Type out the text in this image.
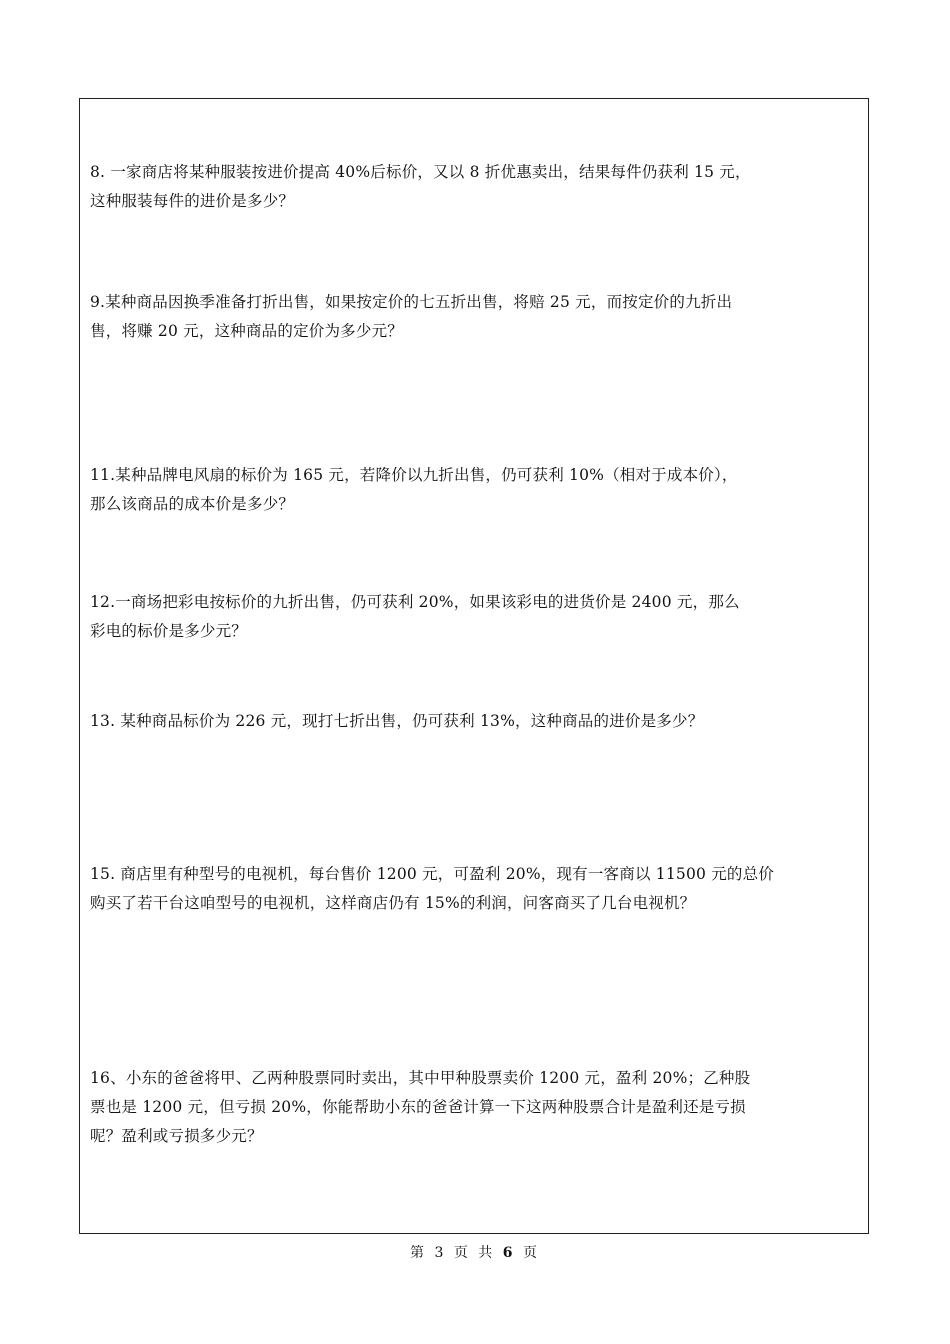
8. 一家商店将某种服装按进价提高 40%后标价，又以 8 折优惠卖出，结果每件仍获利 15 元，

这种服装每件的进价是多少？

9.某种商品因换季准备打折出售，如果按定价的七五折出售，将赔 25 元，而按定价的九折出

售，将赚 20 元，这种商品的定价为多少元？

11.某种品牌电风扇的标价为 165 元，若降价以九折出售，仍可获利 10%（相对于成本价），

那么该商品的成本价是多少？

12.一商场把彩电按标价的九折出售，仍可获利 20%，如果该彩电的进货价是 2400 元，那么

彩电的标价是多少元？

13. 某种商品标价为 226 元，现打七折出售，仍可获利 13%，这种商品的进价是多少？

15. 商店里有种型号的电视机，每台售价 1200 元，可盈利 20%，现有一客商以 11500 元的总价

购买了若干台这咱型号的电视机，这样商店仍有 15%的利润，问客商买了几台电视机？

16、小东的爸爸将甲、乙两种股票同时卖出，其中甲种股票卖价 1200 元，盈利 20%；乙种股

票也是 1200 元，但亏损 20%，你能帮助小东的爸爸计算一下这两种股票合计是盈利还是亏损

呢？盈利或亏损多少元？

第 3 页 共 6 页
